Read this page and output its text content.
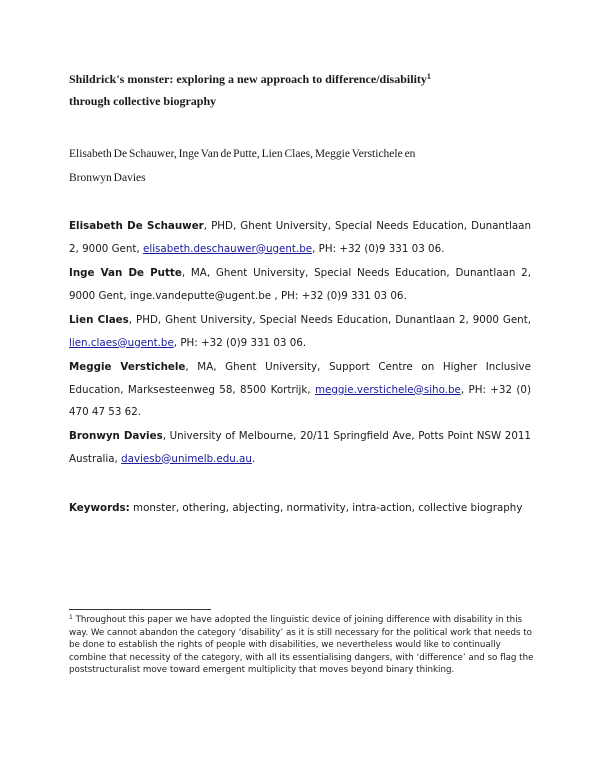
Shildrick's monster: exploring a new approach to difference/disability$^1$
through collective biography
Elisabeth De Schauwer, Inge Van de Putte, Lien Claes, Meggie Verstichele en
Bronwyn Davies
Elisabeth De Schauwer, PHD, Ghent University, Special Needs Education, Dunantlaan 2, 9000 Gent, elisabeth.deschauwer@ugent.be, PH: +32 (0)9 331 03 06.
Inge Van De Putte, MA, Ghent University, Special Needs Education, Dunantlaan 2, 9000 Gent, inge.vandeputte@ugent.be , PH: +32 (0)9 331 03 06.
Lien Claes, PHD, Ghent University, Special Needs Education, Dunantlaan 2, 9000 Gent, lien.claes@ugent.be, PH: +32 (0)9 331 03 06.
Meggie Verstichele, MA, Ghent University, Support Centre on Higher Inclusive Education, Marksesteenweg 58, 8500 Kortrijk, meggie.verstichele@siho.be, PH: +32 (0) 470 47 53 62.
Bronwyn Davies, University of Melbourne, 20/11 Springfield Ave, Potts Point NSW 2011 Australia, daviesb@unimelb.edu.au.
Keywords: monster, othering, abjecting, normativity, intra-action, collective biography
$^1$ Throughout this paper we have adopted the linguistic device of joining difference with disability in this way. We cannot abandon the category ‘disability’ as it is still necessary for the political work that needs to be done to establish the rights of people with disabilities, we nevertheless would like to continually combine that necessity of the category, with all its essentialising dangers, with ‘difference’ and so flag the poststructuralist move toward emergent multiplicity that moves beyond binary thinking.
